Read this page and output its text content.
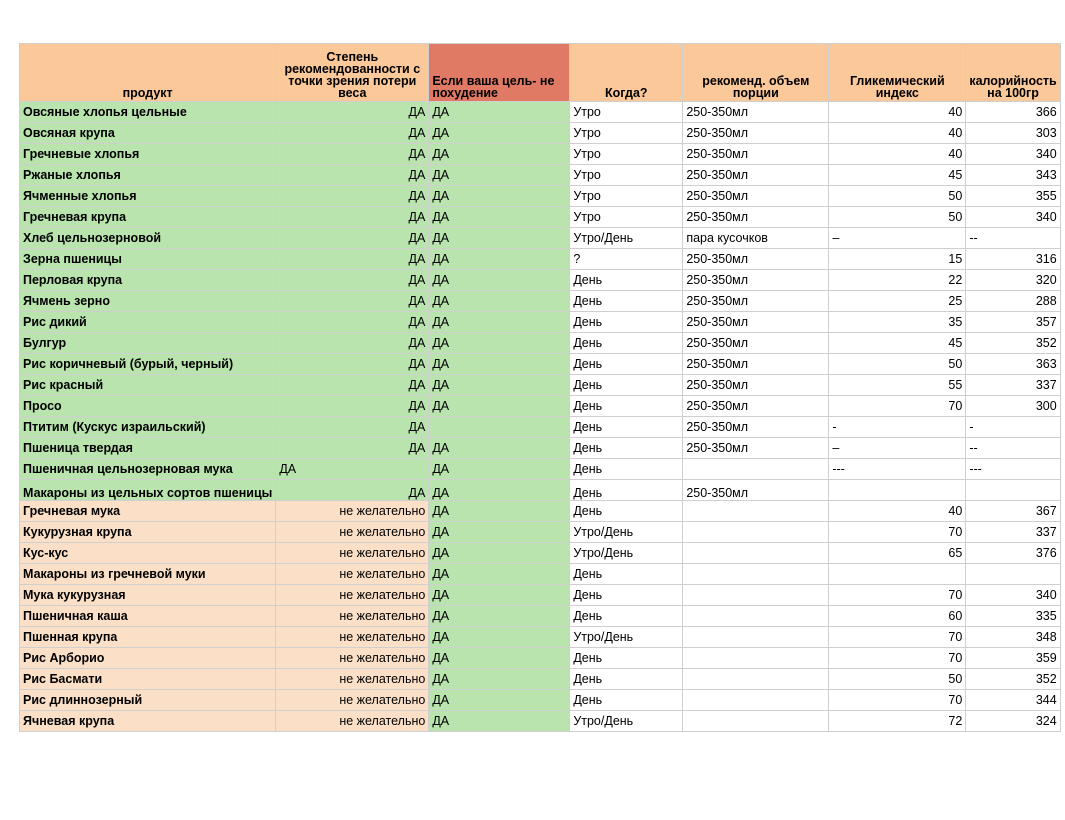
продукт	Степень рекомендованности с точки зрения потери веса	Если ваша цель- не похудение	Когда?	рекоменд. объем порции	Гликемический индекс	калорийность на 100гр
Овсяные хлопья цельные	ДА	ДА	Утро	250-350мл	40	366
Овсяная крупа	ДА	ДА	Утро	250-350мл	40	303
Гречневые хлопья	ДА	ДА	Утро	250-350мл	40	340
Ржаные хлопья	ДА	ДА	Утро	250-350мл	45	343
Ячменные хлопья	ДА	ДА	Утро	250-350мл	50	355
Гречневая крупа	ДА	ДА	Утро	250-350мл	50	340
Хлеб цельнозерновой	ДА	ДА	Утро/День	пара кусочков	–	--
Зерна пшеницы	ДА	ДА	?	250-350мл	15	316
Перловая крупа	ДА	ДА	День	250-350мл	22	320
Ячмень зерно	ДА	ДА	День	250-350мл	25	288
Рис дикий	ДА	ДА	День	250-350мл	35	357
Булгур	ДА	ДА	День	250-350мл	45	352
Рис коричневый (бурый, черный)	ДА	ДА	День	250-350мл	50	363
Рис красный	ДА	ДА	День	250-350мл	55	337
Просо	ДА	ДА	День	250-350мл	70	300
Птитим (Кускус израильский)	ДА		День	250-350мл	-	-
Пшеница твердая	ДА	ДА	День	250-350мл	–	--
Пшеничная цельнозерновая мука	ДА	ДА	День		---	---
Макароны из цельных сортов пшеницы	ДА	ДА	День	250-350мл		
Гречневая мука	не желательно	ДА	День		40	367
Кукурузная крупа	не желательно	ДА	Утро/День		70	337
Кус-кус	не желательно	ДА	Утро/День		65	376
Макароны из гречневой муки	не желательно	ДА	День			
Мука кукурузная	не желательно	ДА	День		70	340
Пшеничная каша	не желательно	ДА	День		60	335
Пшенная крупа	не желательно	ДА	Утро/День		70	348
Рис Арборио	не желательно	ДА	День		70	359
Рис Басмати	не желательно	ДА	День		50	352
Рис длиннозерный	не желательно	ДА	День		70	344
Ячневая крупа	не желательно	ДА	Утро/День		72	324
